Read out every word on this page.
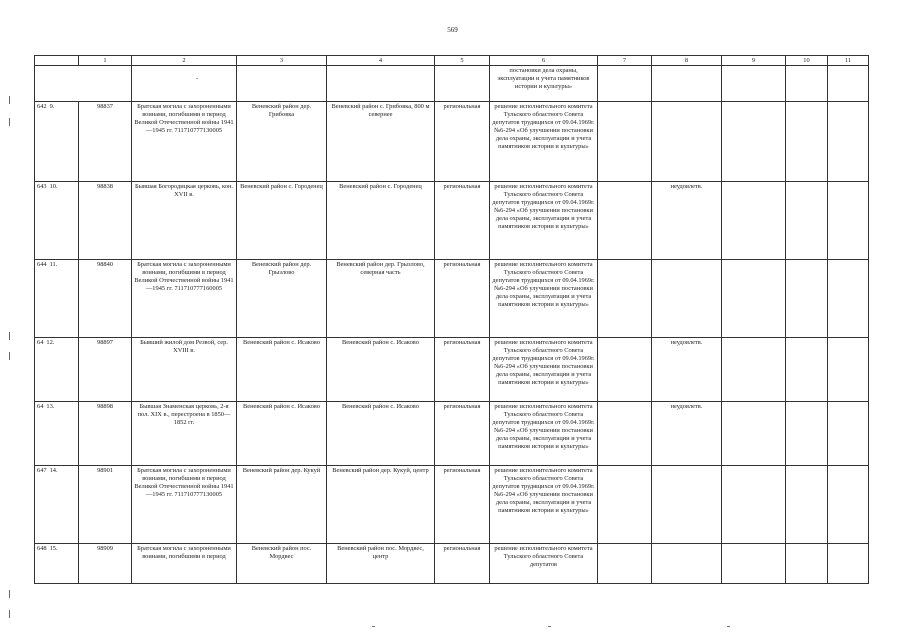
569
	1	2	3	4	5	6	7	8	9	10	11
		-				постановки дела охраны, эксплуатации и учета памятников истории и культуры»					
642 9.	98837	Братская могила с захороненными воинами, погибшими в период Великой Отечественной войны 1941—1945 гг. 711710777130005	Веневский район дер. Грибовка	Веневский район с. Грибовка, 800 м севернее	региональная	решение исполнительного комитета Тульского областного Совета депутатов трудящихся от 09.04.1969г. №6-294 «Об улучшении постановки дела охраны, эксплуатации и учета памятников истории и культуры»					
643 10.	98838	Бывшая Богородицкая церковь, кон. XVII в.	Веневский район с. Городенец	Веневский район с. Городенец	региональная	решение исполнительного комитета Тульского областного Совета депутатов трудящихся от 09.04.1969г. №6-294 «Об улучшении постановки дела охраны, эксплуатации и учета памятников истории и культуры»		неудовлетв.			
644 11.	98840	Братская могила с захороненными воинами, погибшими в период Великой Отечественной войны 1941—1945 гг. 711710777160005	Веневский район дер. Грызлово	Веневский район дер. Грызлово, северная часть	региональная	решение исполнительного комитета Тульского областного Совета депутатов трудящихся от 09.04.1969г. №6-294 «Об улучшении постановки дела охраны, эксплуатации и учета памятников истории и культуры»					
64 12.	98897	Бывший жилой дом Резвой, сер. XVIII в.	Веневский район с. Исаково	Веневский район с. Исаково	региональная	решение исполнительного комитета Тульского областного Совета депутатов трудящихся от 09.04.1969г. №6-294 «Об улучшении постановки дела охраны, эксплуатации и учета памятников истории и культуры»		неудовлетв.			
64 13.	98898	Бывшая Знаменская церковь, 2-я пол. XIX в., перестроена в 1850—1852 гг.	Веневский район с. Исаково	Веневский район с. Исаково	региональная	решение исполнительного комитета Тульского областного Совета депутатов трудящихся от 09.04.1969г. №6-294 «Об улучшении постановки дела охраны, эксплуатации и учета памятников истории и культуры»		неудовлетв.			
647 14.	98901	Братская могила с захороненными воинами, погибшими в период Великой Отечественной войны 1941—1945 гг. 711710777130005	Веневский район дер. Кукуй	Веневский район дер. Кукуй, центр	региональная	решение исполнительного комитета Тульского областного Совета депутатов трудящихся от 09.04.1969г. №6-294 «Об улучшении постановки дела охраны, эксплуатации и учета памятников истории и культуры»					
648 15.	98909	Братская могила с захороненными воинами, погибшими в период	Веневский район пос. Мордвес	Веневский район пос. Мордвес, центр	региональная	решение исполнительного комитета Тульского областного Совета депутатов					
